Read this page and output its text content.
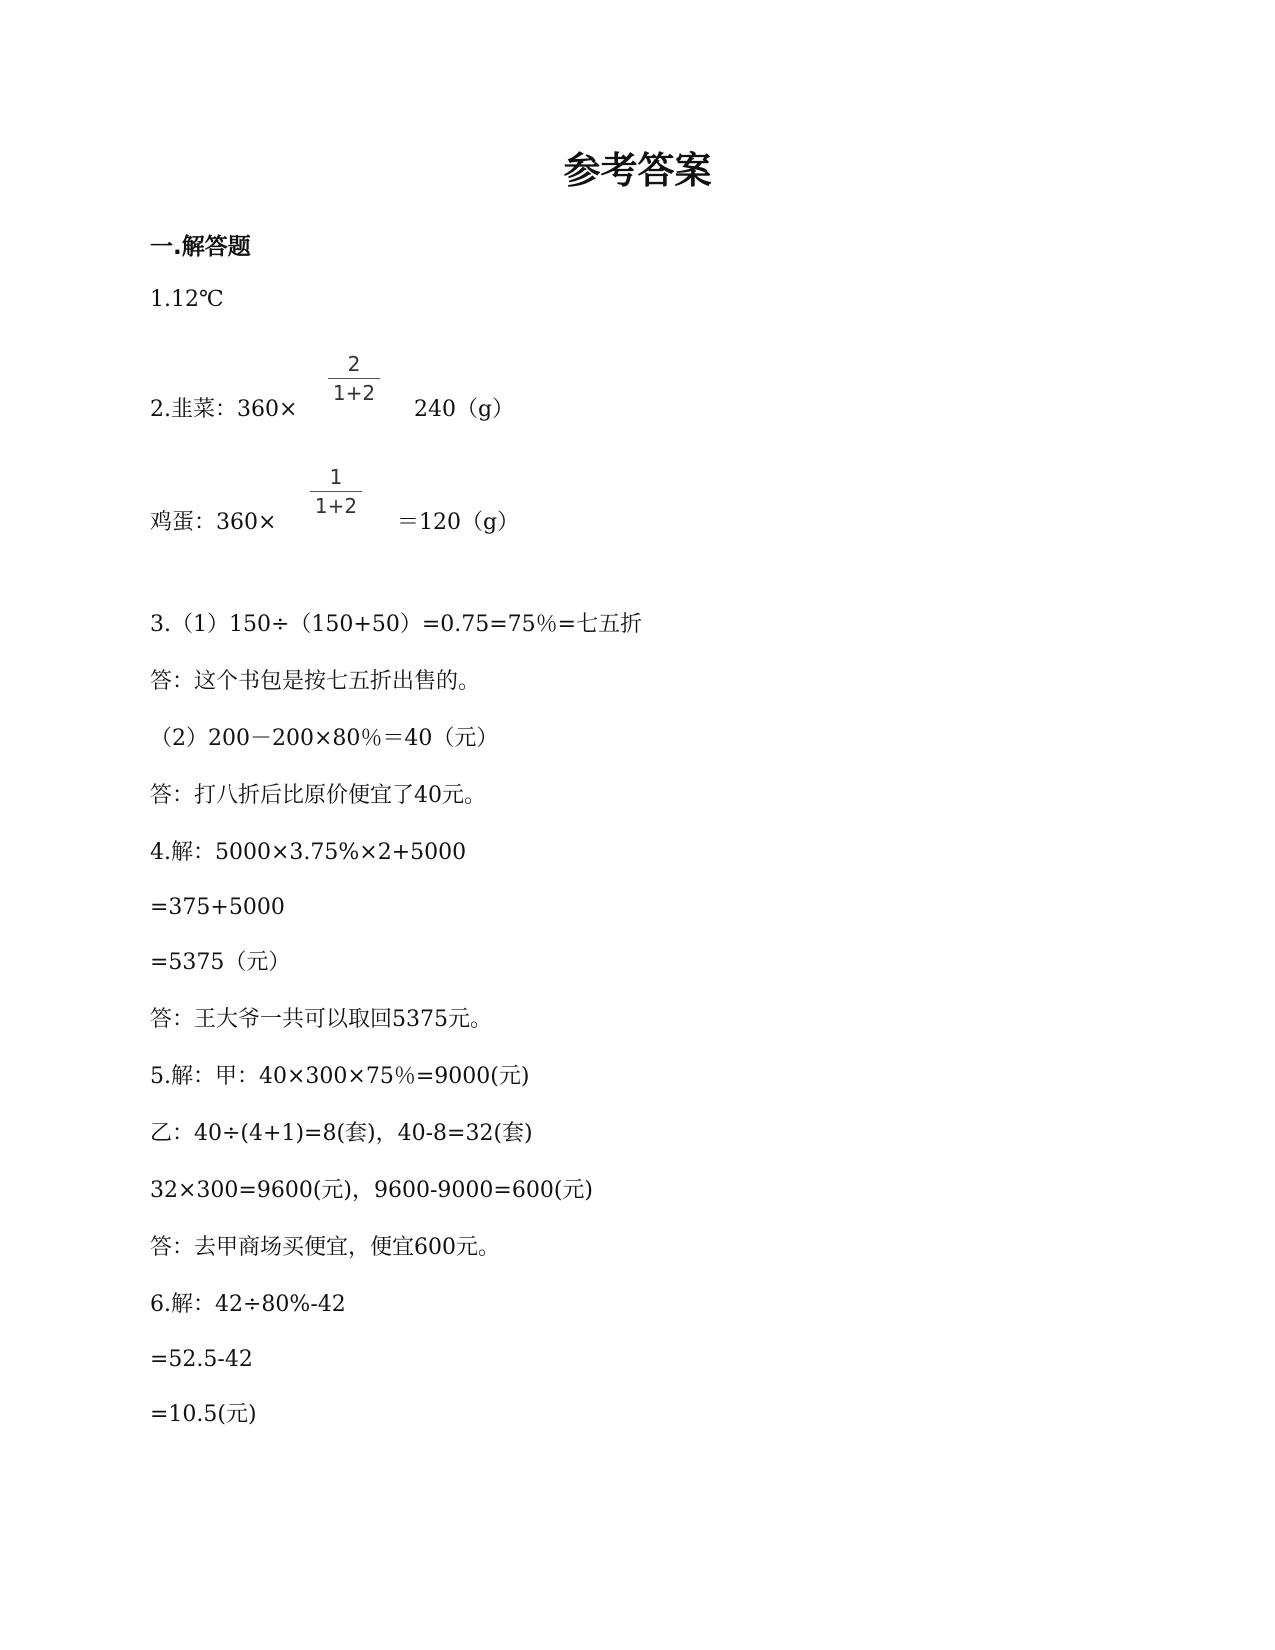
参考答案
一.解答题
1.12℃
2.韭菜：360×
2
1+2
240（g）
鸡蛋：360×
1
1+2
＝120（g）
3.（1）150÷（150+50）=0.75=75％=七五折
答：这个书包是按七五折出售的。
（2）200－200×80％＝40（元）
答：打八折后比原价便宜了40元。
4.解：5000×3.75%×2+5000
=375+5000
=5375（元）
答：王大爷一共可以取回5375元。
5.解：甲：40×300×75％=9000(元)
乙：40÷(4+1)=8(套)，40-8=32(套)
32×300=9600(元)，9600-9000=600(元)
答：去甲商场买便宜，便宜600元。
6.解：42÷80%-42
=52.5-42
=10.5(元)
